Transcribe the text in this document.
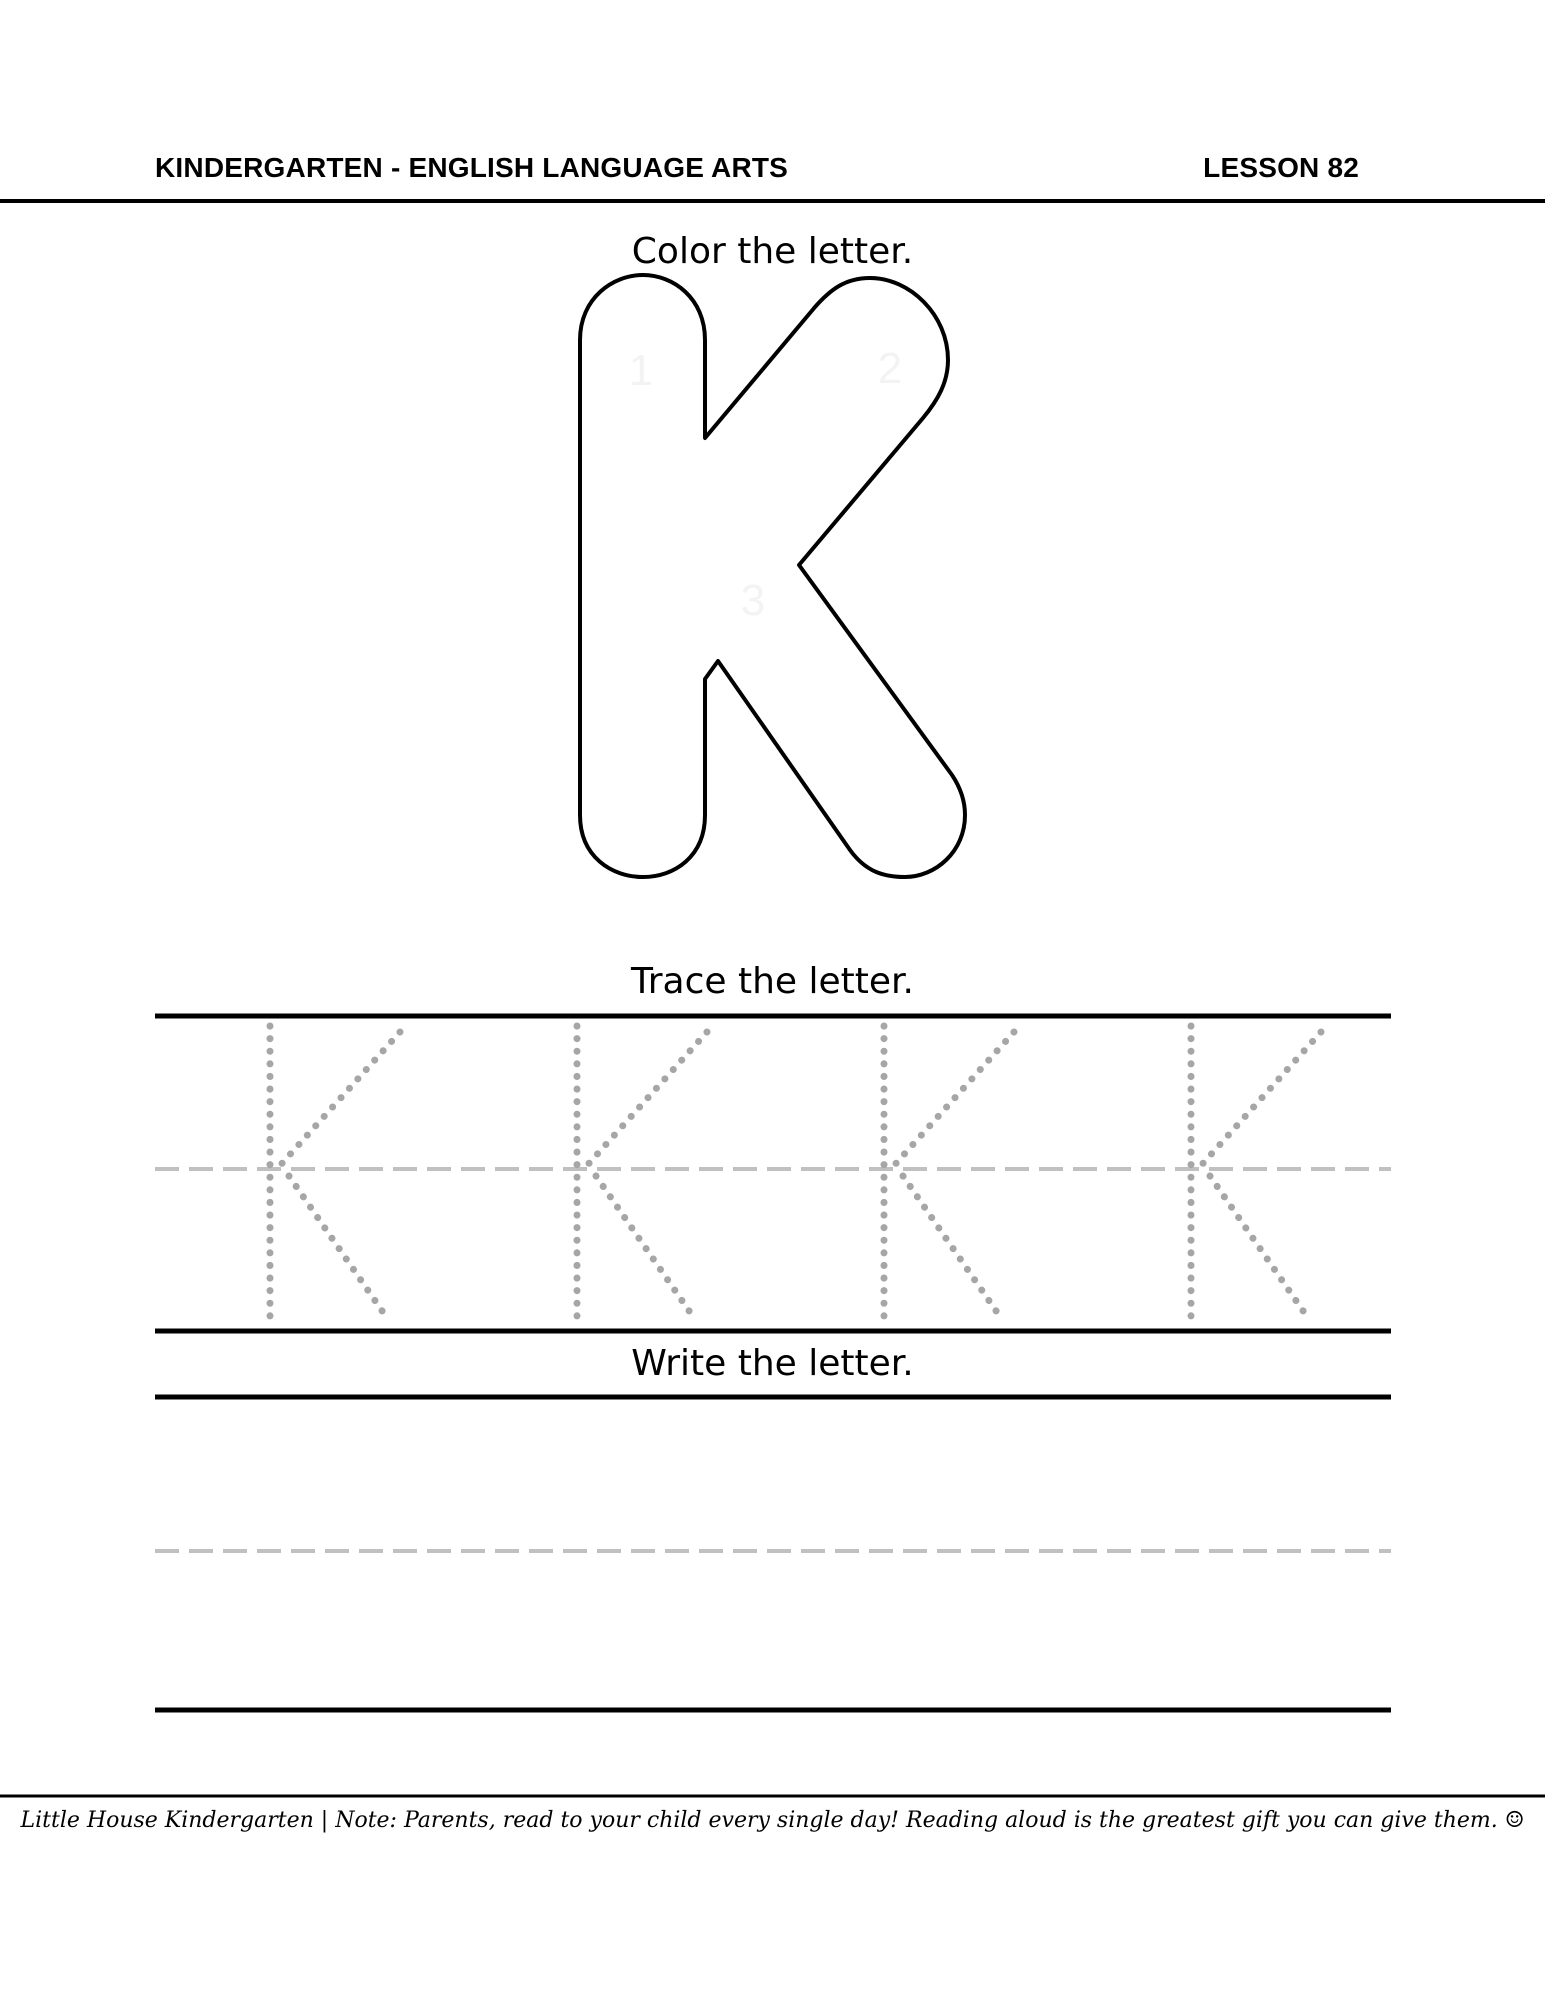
KINDERGARTEN - ENGLISH LANGUAGE ARTS	LESSON 82
Color the letter.
1	2
3
Trace the letter.
Write the letter.
Little House Kindergarten | Note: Parents, read to your child every single day! Reading aloud is the greatest gift you can give them. ☺
